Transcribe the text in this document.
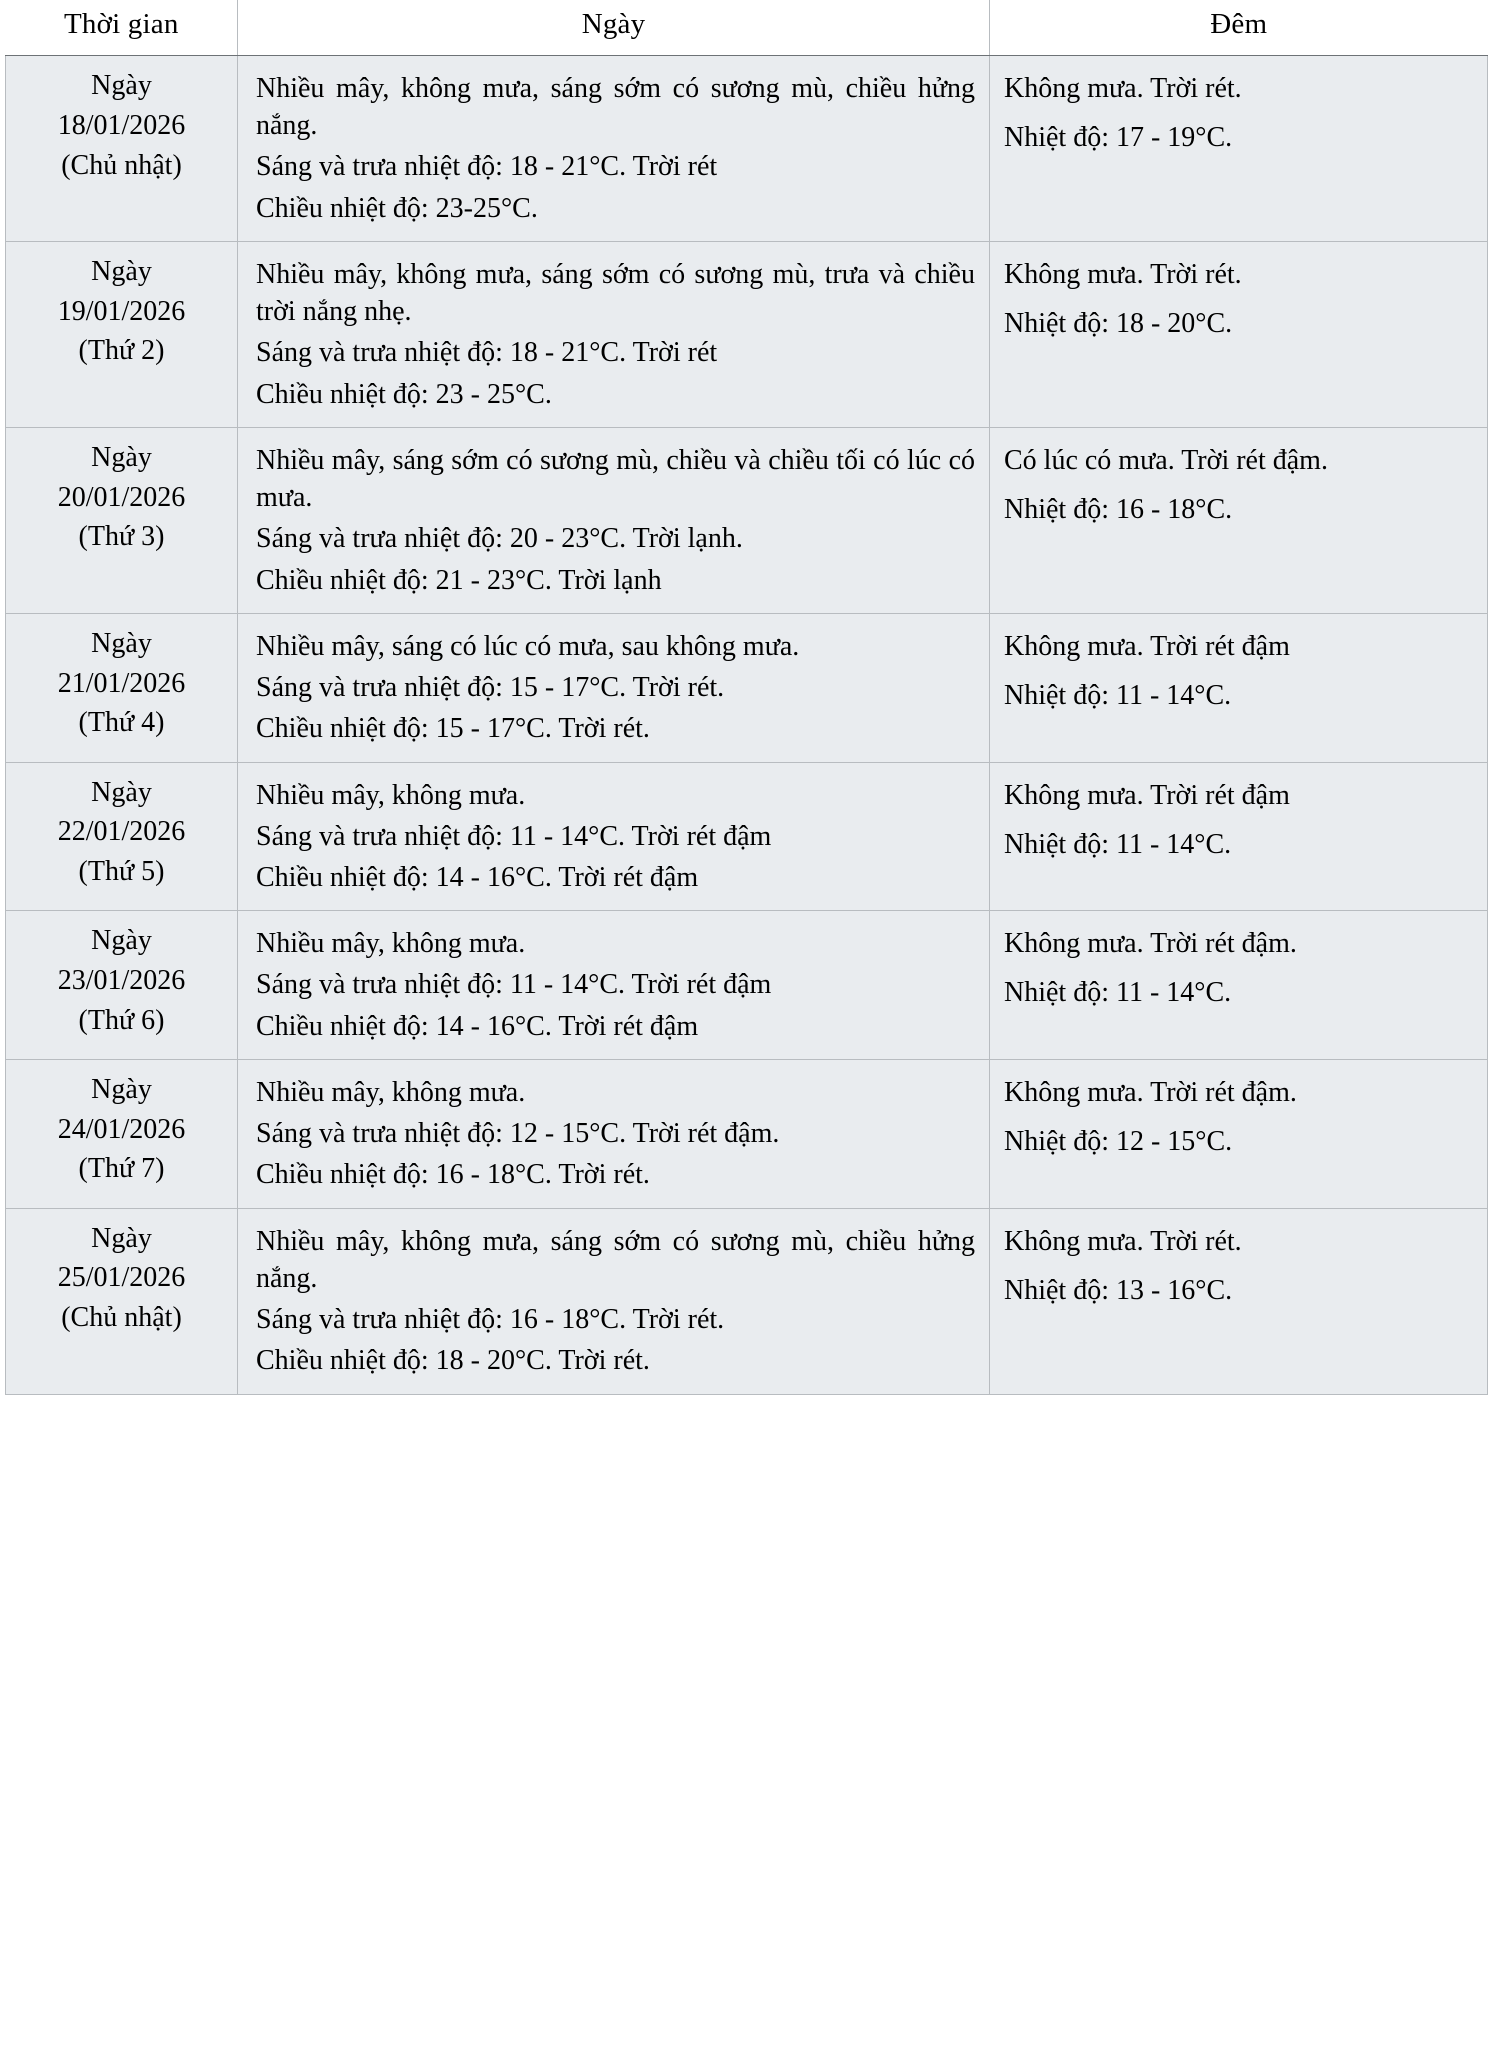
Thời gian	Ngày	Đêm

Ngày
18/01/2026
(Chủ nhật)	Nhiều mây, không mưa, sáng sớm có sương mù, chiều hửng nắng.
Sáng và trưa nhiệt độ: 18 - 21°C. Trời rét
Chiều nhiệt độ: 23-25°C.	Không mưa. Trời rét.
Nhiệt độ: 17 - 19°C.

Ngày
19/01/2026
(Thứ 2)	Nhiều mây, không mưa, sáng sớm có sương mù, trưa và chiều trời nắng nhẹ.
Sáng và trưa nhiệt độ: 18 - 21°C. Trời rét
Chiều nhiệt độ: 23 - 25°C.	Không mưa. Trời rét.
Nhiệt độ: 18 - 20°C.

Ngày
20/01/2026
(Thứ 3)	Nhiều mây, sáng sớm có sương mù, chiều và chiều tối có lúc có mưa.
Sáng và trưa nhiệt độ: 20 - 23°C. Trời lạnh.
Chiều nhiệt độ: 21 - 23°C. Trời lạnh	Có lúc có mưa. Trời rét đậm.
Nhiệt độ: 16 - 18°C.

Ngày
21/01/2026
(Thứ 4)	Nhiều mây, sáng có lúc có mưa, sau không mưa.
Sáng và trưa nhiệt độ: 15 - 17°C. Trời rét.
Chiều nhiệt độ: 15 - 17°C. Trời rét.	Không mưa. Trời rét đậm
Nhiệt độ: 11 - 14°C.

Ngày
22/01/2026
(Thứ 5)	Nhiều mây, không mưa.
Sáng và trưa nhiệt độ: 11 - 14°C. Trời rét đậm
Chiều nhiệt độ: 14 - 16°C. Trời rét đậm	Không mưa. Trời rét đậm
Nhiệt độ: 11 - 14°C.

Ngày
23/01/2026
(Thứ 6)	Nhiều mây, không mưa.
Sáng và trưa nhiệt độ: 11 - 14°C. Trời rét đậm
Chiều nhiệt độ: 14 - 16°C. Trời rét đậm	Không mưa. Trời rét đậm.
Nhiệt độ: 11 - 14°C.

Ngày
24/01/2026
(Thứ 7)	Nhiều mây, không mưa.
Sáng và trưa nhiệt độ: 12 - 15°C. Trời rét đậm.
Chiều nhiệt độ: 16 - 18°C. Trời rét.	Không mưa. Trời rét đậm.
Nhiệt độ: 12 - 15°C.

Ngày
25/01/2026
(Chủ nhật)	Nhiều mây, không mưa, sáng sớm có sương mù, chiều hửng nắng.
Sáng và trưa nhiệt độ: 16 - 18°C. Trời rét.
Chiều nhiệt độ: 18 - 20°C. Trời rét.	Không mưa. Trời rét.
Nhiệt độ: 13 - 16°C.
